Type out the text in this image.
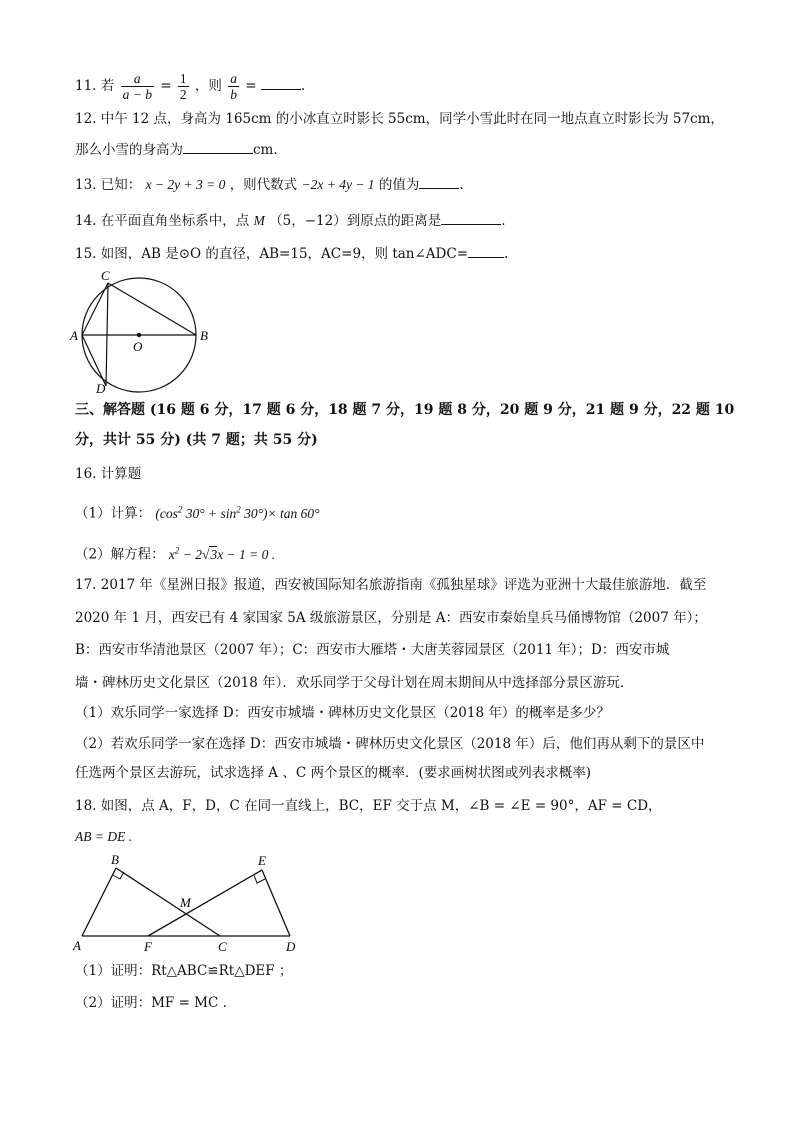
11. 若 $\frac{a}{a - b} = \frac{1}{2}$ ，则 $\frac{a}{b}$ =	.
12. 中午 12 点，身高为 165cm 的小冰直立时影长 55cm，同学小雪此时在同一地点直立时影长为 57cm，
那么小雪的身高为	cm.
13. 已知： x − 2y + 3 = 0 ，则代数式 −2x + 4y − 1 的值为	.
14. 在平面直角坐标系中，点 M （5，−12）到原点的距离是	.
15. 如图，AB 是⊙O 的直径，AB=15，AC=9，则 tan∠ADC=	.
C
A
O
B
D
三、解答题 (16 题 6 分，17 题 6 分，18 题 7 分，19 题 8 分，20 题 9 分，21 题 9 分，22 题 10
分，共计 55 分) (共 7 题；共 55 分)
16. 计算题
（1）计算： ($\cos^2$ $30^\circ + \sin^2 30^\circ)\times \tan 60^\circ$
（2）解方程： $x^2 - 2√3x - 1 = 0$ .
17. 2017 年《星洲日报》报道，西安被国际知名旅游指南《孤独星球》评选为亚洲十大最佳旅游地．截至
2020 年 1 月，西安已有 4 家国家 5A 级旅游景区，分别是 A：西安市秦始皇兵马俑博物馆（2007 年）；
B：西安市华清池景区（2007 年）；C：西安市大雁塔・大唐芙蓉园景区（2011 年）；D：西安市城
墙・碑林历史文化景区（2018 年）．欢乐同学于父母计划在周末期间从中选择部分景区游玩．
（1）欢乐同学一家选择 D：西安市城墙・碑林历史文化景区（2018 年）的概率是多少？
（2）若欢乐同学一家在选择 D：西安市城墙・碑林历史文化景区（2018 年）后，他们再从剩下的景区中
任选两个景区去游玩，试求选择 A 、C 两个景区的概率．(要求画树状图或列表求概率)
18. 如图，点 A，F，D，C 在同一直线上，BC，EF 交于点 M，∠B = ∠E = 90°，AF = CD，
AB = DE .
B	E
M
A	F	C	D
（1）证明：Rt△ABC≌Rt△DEF ；
（2）证明：MF = MC .
